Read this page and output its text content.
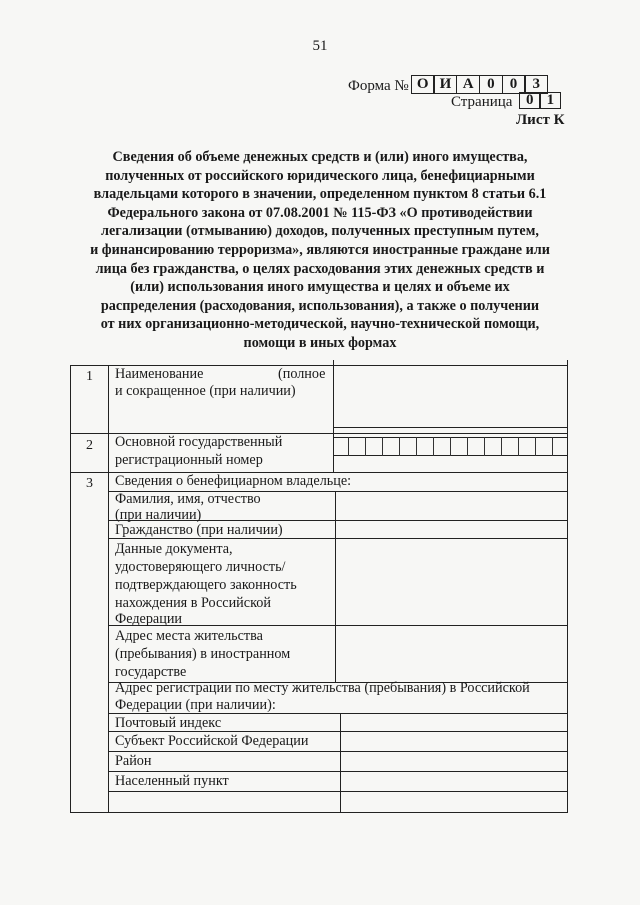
51
Форма № О И А 0	0	3
Страница 0 1
Лист К
Сведения об объеме денежных средств и (или) иного имущества,
полученных от российского юридического лица, бенефициарными
владельцами которого в значении, определенном пунктом 8 статьи 6.1
Федерального закона от 07.08.2001 № 115-ФЗ «О противодействии
легализации (отмыванию) доходов, полученных преступным путем,
и финансированию терроризма», являются иностранные граждане или
лица без гражданства, о целях расходования этих денежных средств и
(или) использования иного имущества и целях и объеме их
распределения (расходования, использования), а также о получении
от них организационно-методической, научно-технической помощи,
помощи в иных формах
1 Наименование	(полное
и сокращенное (при наличии)
2 Основной государственный
регистрационный номер
3 Сведения о бенефициарном владельце:
Фамилия, имя, отчество
(при наличии)
Гражданство (при наличии)
Данные документа,
удостоверяющего личность/
подтверждающего законность
нахождения в Российской
Федерации
Адрес места жительства
(пребывания) в иностранном
государстве
Адрес регистрации по месту жительства (пребывания) в Российской
Федерации (при наличии):
Почтовый индекс
Субъект Российской Федерации
Район
Населенный пункт
